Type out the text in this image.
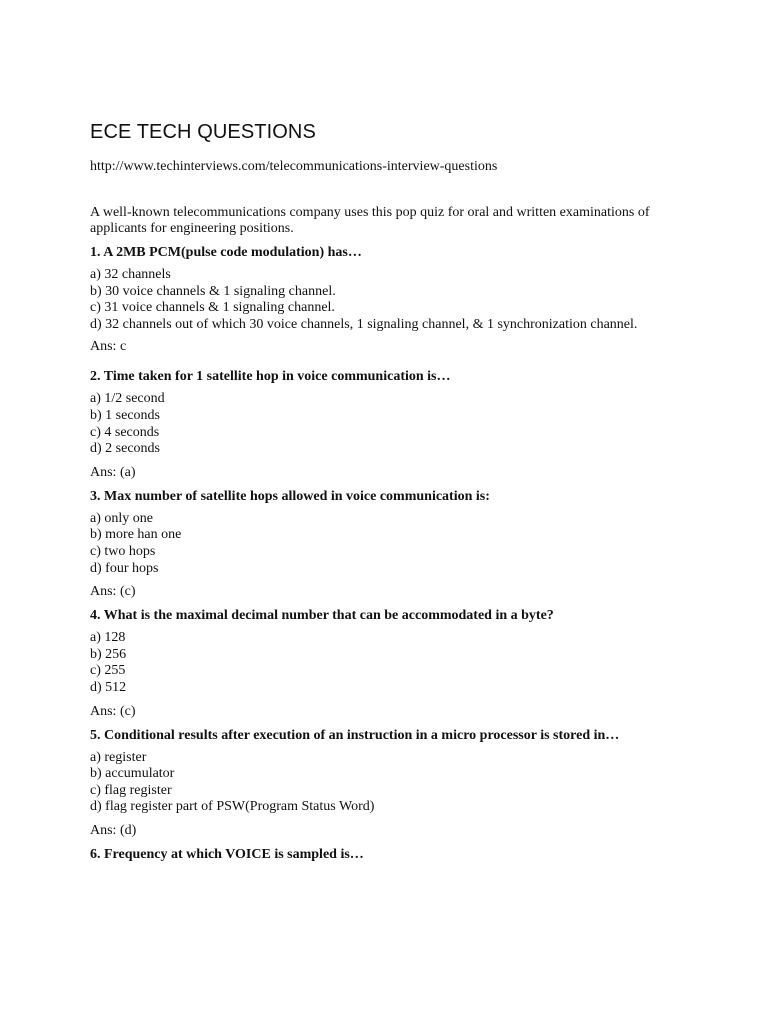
ECE TECH QUESTIONS
http://www.techinterviews.com/telecommunications-interview-questions
A well-known telecommunications company uses this pop quiz for oral and written examinations of applicants for engineering positions.
1. A 2MB PCM(pulse code modulation) has…
a) 32 channels
b) 30 voice channels & 1 signaling channel.
c) 31 voice channels & 1 signaling channel.
d) 32 channels out of which 30 voice channels, 1 signaling channel, & 1 synchronization channel.
Ans: c
2. Time taken for 1 satellite hop in voice communication is…
a) 1/2 second
b) 1 seconds
c) 4 seconds
d) 2 seconds
Ans: (a)
3. Max number of satellite hops allowed in voice communication is:
a) only one
b) more han one
c) two hops
d) four hops
Ans: (c)
4. What is the maximal decimal number that can be accommodated in a byte?
a) 128
b) 256
c) 255
d) 512
Ans: (c)
5. Conditional results after execution of an instruction in a micro processor is stored in…
a) register
b) accumulator
c) flag register
d) flag register part of PSW(Program Status Word)
Ans: (d)
6. Frequency at which VOICE is sampled is…
